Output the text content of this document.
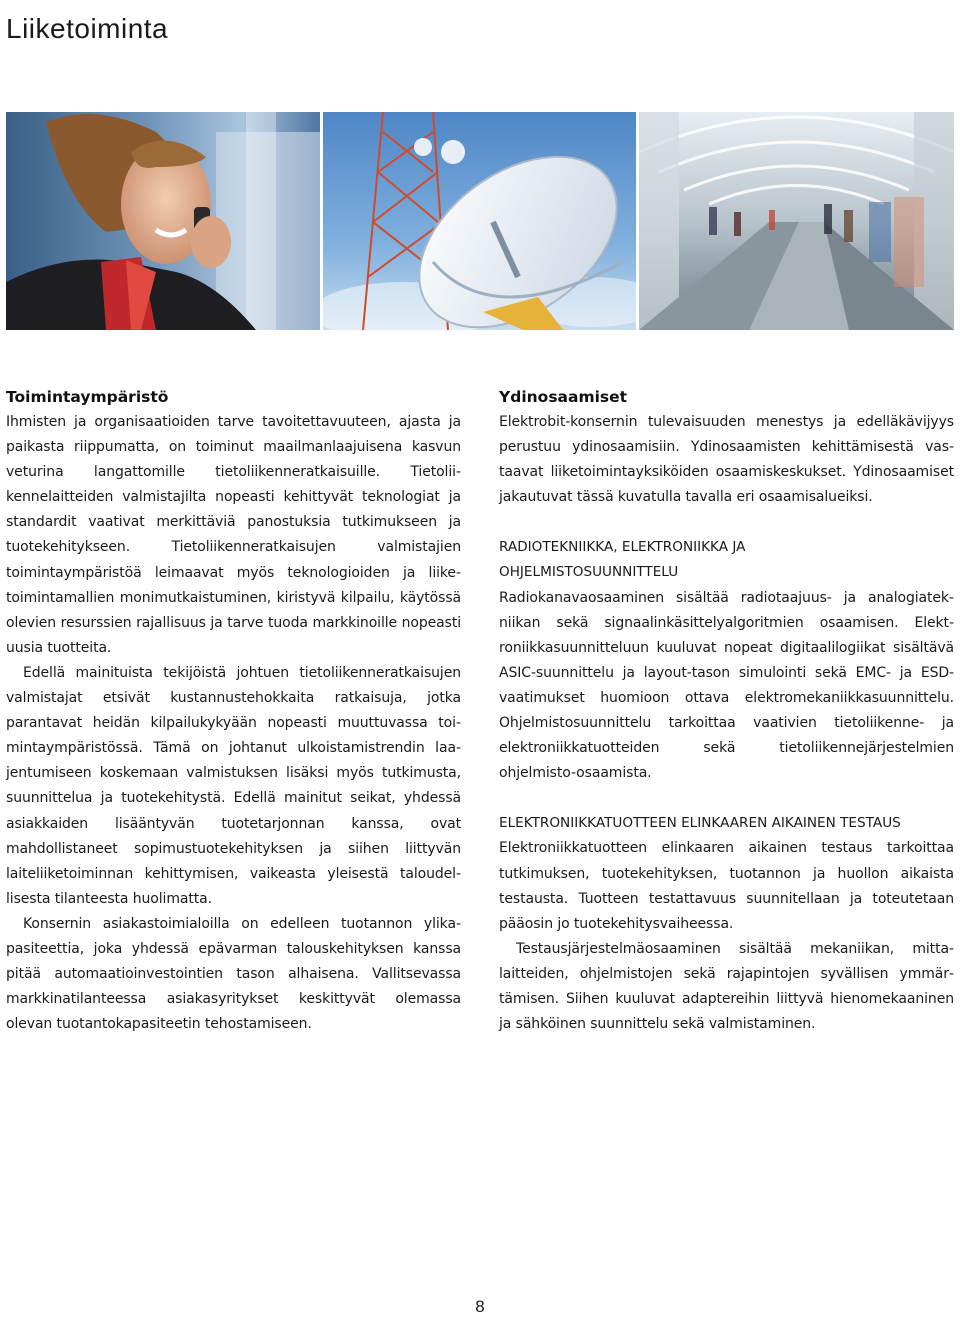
Liiketoiminta
Toimintaympäristö

Ihmisten ja organisaatioiden tarve tavoitettavuuteen, ajasta ja paikasta riippumatta, on toiminut maailmanlaajuisena kasvun veturina langattomille tietoliikenneratkaisuille. Tietoliikennelaitteiden valmistajilta nopeasti kehittyvät teknologiat ja standardit vaativat merkittäviä panostuksia tutkimukseen ja tuotekehitykseen. Tietoliikenneratkaisujen valmistajien toimintaympäristöä leimaavat myös teknologioiden ja liiketoimintamallien monimutkaistuminen, kiristyvä kilpailu, käytössä olevien resurssien rajallisuus ja tarve tuoda markkinoille nopeasti uusia tuotteita.

Edellä mainituista tekijöistä johtuen tietoliikenneratkaisujen valmistajat etsivät kustannustehokkaita ratkaisuja, jotka parantavat heidän kilpailukykyään nopeasti muuttuvassa toimintaympäristössä. Tämä on johtanut ulkoistamistrendin laajentumiseen koskemaan valmistuksen lisäksi myös tutkimusta, suunnittelua ja tuotekehitystä. Edellä mainitut seikat, yhdessä asiakkaiden lisääntyvän tuotetarjonnan kanssa, ovat mahdollistaneet sopimustuotekehityksen ja siihen liittyvän laiteliiketoiminnan kehittymisen, vaikeasta yleisestä taloudellisesta tilanteesta huolimatta.

Konsernin asiakastoimialoilla on edelleen tuotannon ylikapasiteettia, joka yhdessä epävarman talouskehityksen kanssa pitää automaatioinvestointien tason alhaisena. Vallitsevassa markkinatilanteessa asiakasyritykset keskittyvät olemassa olevan tuotantokapasiteetin tehostamiseen.

Ydinosaamiset

Elektrobit-konsernin tulevaisuuden menestys ja edelläkävijyys perustuu ydinosaamisiin. Ydinosaamisten kehittämisestä vastaavat liiketoimintayksiköiden osaamiskeskukset. Ydinosaamiset jakautuvat tässä kuvatulla tavalla eri osaamisalueiksi.

RADIOTEKNIIKKA, ELEKTRONIIKKA JA
OHJELMISTOSUUNNITTELU

Radiokanavaosaaminen sisältää radiotaajuus- ja analogiatekniikan sekä signaalinkäsittelyalgoritmien osaamisen. Elektroniikkasuunnitteluun kuuluvat nopeat digitaalilogiikat sisältävä ASIC-suunnittelu ja layout-tason simulointi sekä EMC- ja ESD-vaatimukset huomioon ottava elektromekaniikkasuunnittelu. Ohjelmistosuunnittelu tarkoittaa vaativien tietoliikenne- ja elektroniikkatuotteiden sekä tietoliikennejärjestelmien ohjelmisto-osaamista.

ELEKTRONIIKKATUOTTEEN ELINKAAREN AIKAINEN TESTAUS

Elektroniikkatuotteen elinkaaren aikainen testaus tarkoittaa tutkimuksen, tuotekehityksen, tuotannon ja huollon aikaista testausta. Tuotteen testattavuus suunnitellaan ja toteutetaan pääosin jo tuotekehitysvaiheessa.

Testausjärjestelmäosaaminen sisältää mekaniikan, mittalaitteiden, ohjelmistojen sekä rajapintojen syvällisen ymmärtämisen. Siihen kuuluvat adaptereihin liittyvä hienomekaaninen ja sähköinen suunnittelu sekä valmistaminen.

8
